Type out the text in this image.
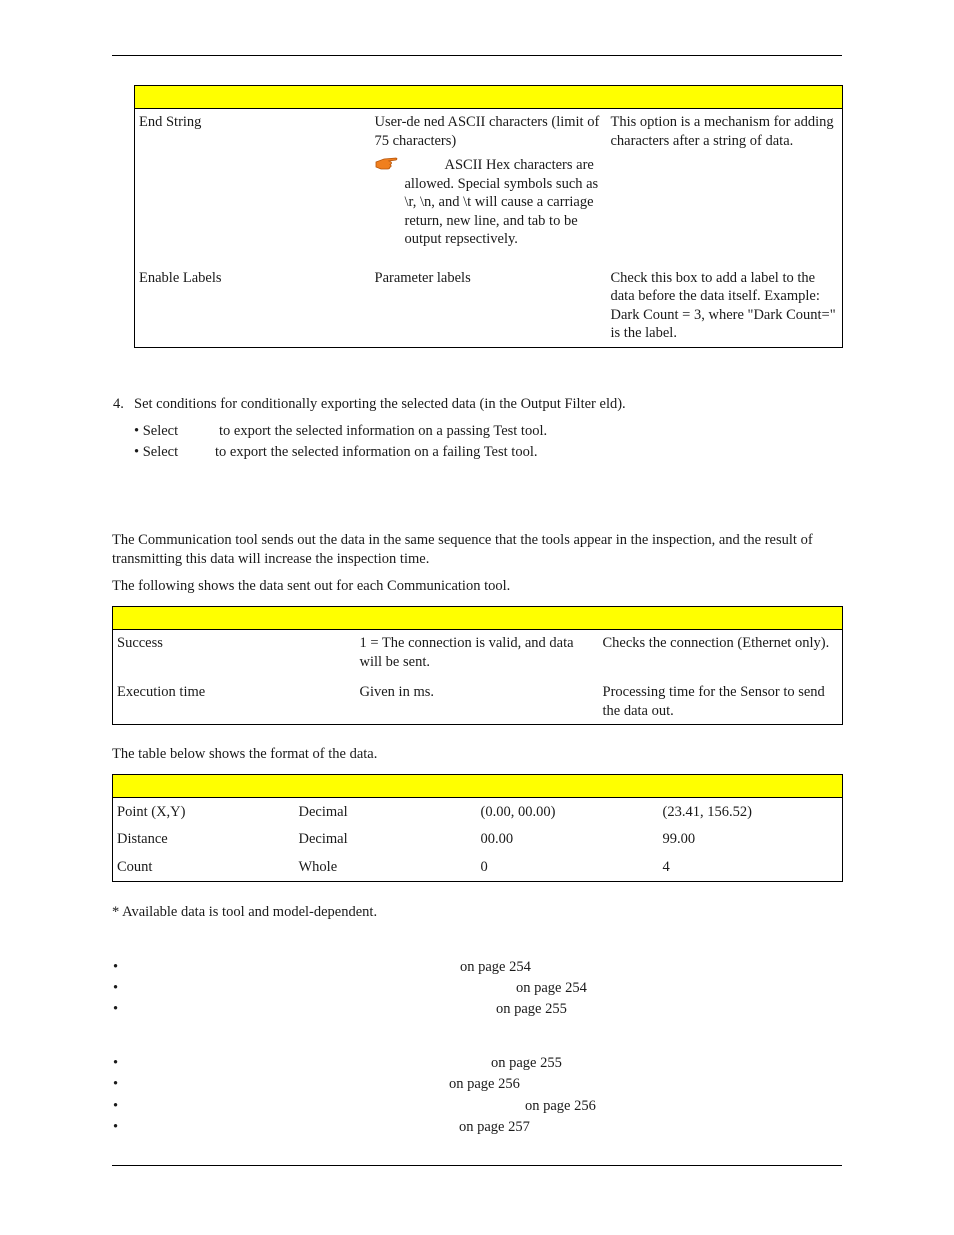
End String	User-de ned ASCII characters (limit of 75 characters)
ASCII Hex characters are
allowed. Special symbols such as \r, \n, and \t will cause a carriage return, new line, and tab to be output repsectively.	This option is a mechanism for adding characters after a string of data.
Enable Labels	Parameter labels	Check this box to add a label to the data before the data itself. Example: Dark Count = 3, where "Dark Count=" is the label.
4. Set conditions for conditionally exporting the selected data (in the Output Filter eld).
• Select	to export the selected information on a passing Test tool.
• Select	to export the selected information on a failing Test tool.
The Communication tool sends out the data in the same sequence that the tools appear in the inspection, and the result of transmitting this data will increase the inspection time.
The following shows the data sent out for each Communication tool.

Success	1 = The connection is valid, and data will be sent.	Checks the connection (Ethernet only).
Execution time	Given in ms.	Processing time for the Sensor to send the data out.
The table below shows the format of the data.

Point (X,Y)	Decimal	(0.00, 00.00)	(23.41, 156.52)
Distance	Decimal	00.00	99.00
Count	Whole	0	4
* Available data is tool and model-dependent.
•	on page 254
•	on page 254
•	on page 255
•	on page 255
•	on page 256
•	on page 256
•	on page 257
